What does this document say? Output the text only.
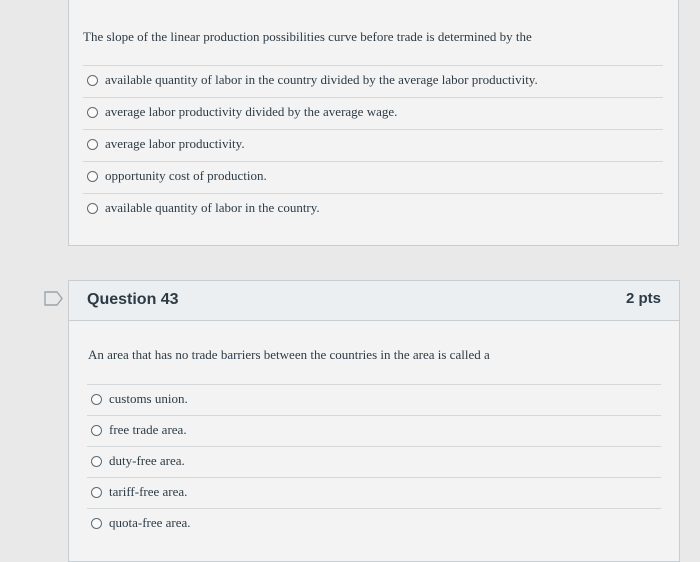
The slope of the linear production possibilities curve before trade is determined by the
available quantity of labor in the country divided by the average labor productivity.
average labor productivity divided by the average wage.
average labor productivity.
opportunity cost of production.
available quantity of labor in the country.
Question 43	2 pts
An area that has no trade barriers between the countries in the area is called a
customs union.
free trade area.
duty-free area.
tariff-free area.
quota-free area.
